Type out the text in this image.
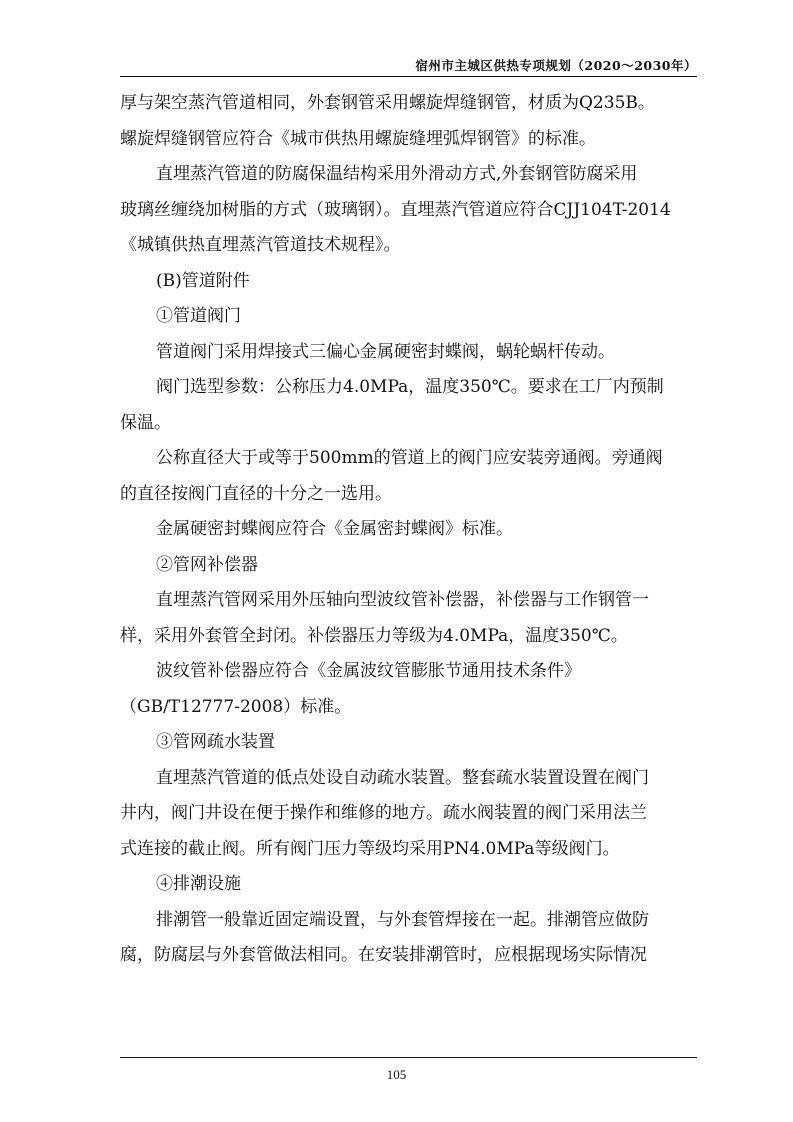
宿州市主城区供热专项规划（2020～2030年）

厚与架空蒸汽管道相同，外套钢管采用螺旋焊缝钢管，材质为Q235B。

螺旋焊缝钢管应符合《城市供热用螺旋缝埋弧焊钢管》的标准。

直埋蒸汽管道的防腐保温结构采用外滑动方式,外套钢管防腐采用

玻璃丝缠绕加树脂的方式（玻璃钢）。直埋蒸汽管道应符合CJJ104T-2014

《城镇供热直埋蒸汽管道技术规程》。

(B)管道附件

①管道阀门

管道阀门采用焊接式三偏心金属硬密封蝶阀，蜗轮蜗杆传动。

阀门选型参数：公称压力4.0MPa，温度350℃。要求在工厂内预制

保温。

公称直径大于或等于500mm的管道上的阀门应安装旁通阀。旁通阀

的直径按阀门直径的十分之一选用。

金属硬密封蝶阀应符合《金属密封蝶阀》标准。

②管网补偿器

直埋蒸汽管网采用外压轴向型波纹管补偿器，补偿器与工作钢管一

样，采用外套管全封闭。补偿器压力等级为4.0MPa，温度350℃。

波纹管补偿器应符合《金属波纹管膨胀节通用技术条件》

（GB/T12777-2008）标准。

③管网疏水装置

直埋蒸汽管道的低点处设自动疏水装置。整套疏水装置设置在阀门

井内，阀门井设在便于操作和维修的地方。疏水阀装置的阀门采用法兰

式连接的截止阀。所有阀门压力等级均采用PN4.0MPa等级阀门。

④排潮设施

排潮管一般靠近固定端设置，与外套管焊接在一起。排潮管应做防

腐，防腐层与外套管做法相同。在安装排潮管时，应根据现场实际情况

105
